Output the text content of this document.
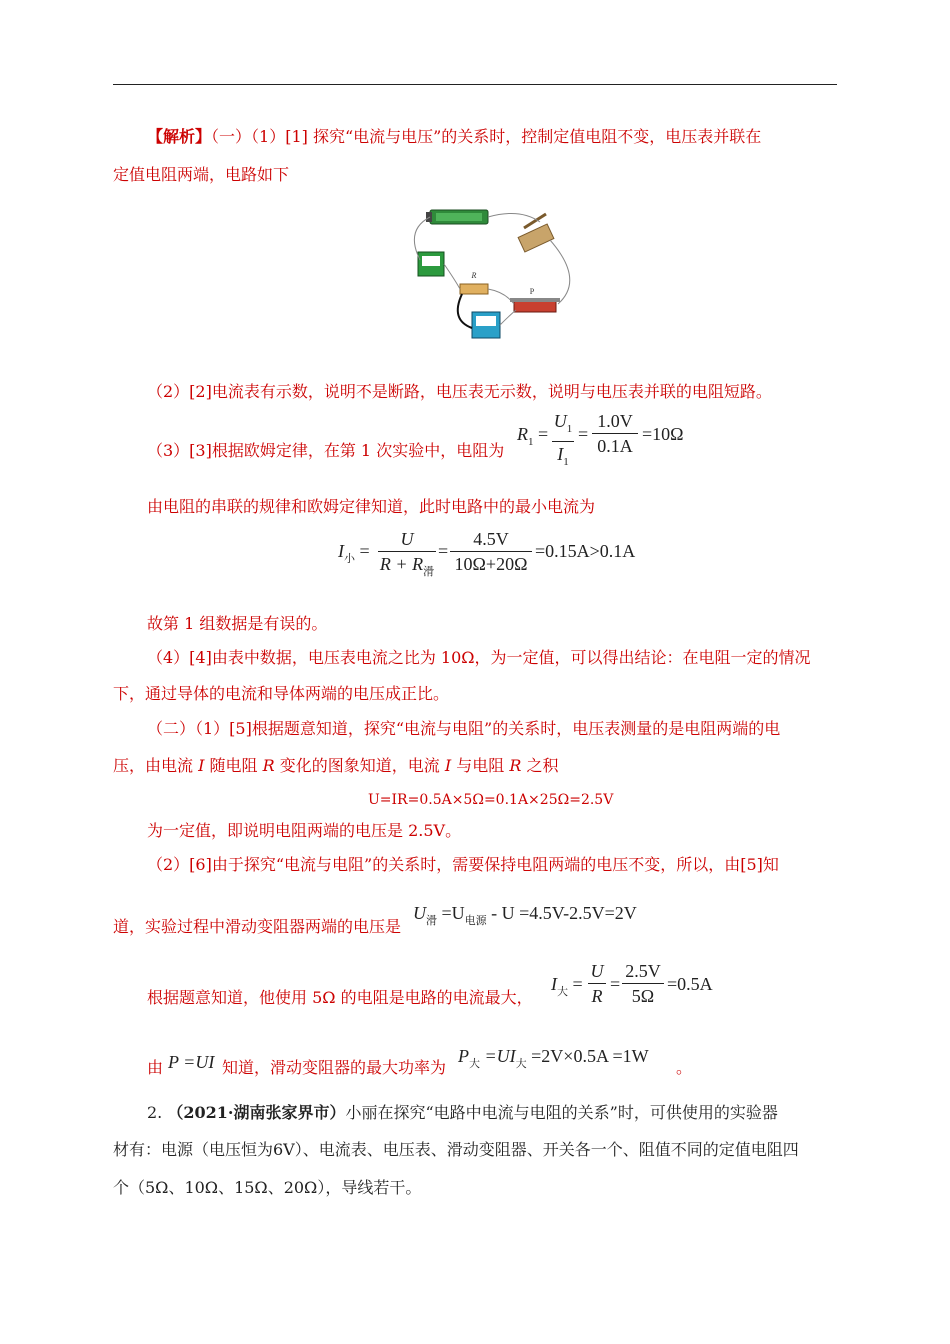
【解析】（一）（1）[1] 探究“电流与电压”的关系时，控制定值电阻不变，电压表并联在
定值电阻两端，电路如下
R
P
（2）[2]电流表有示数，说明不是断路，电压表无示数，说明与电压表并联的电阻短路。
（3）[3]根据欧姆定律，在第 1 次实验中，电阻为
$R_1$ =
$U_1$
$I_1$
=
1.0V
0.1A
=10Ω
由电阻的串联的规律和欧姆定律知道，此时电路中的最小电流为
$I_小$ =
U
$R + R_滑$
=
4.5V
10Ω+20Ω
=0.15A>0.1A
故第 1 组数据是有误的。
（4）[4]由表中数据，电压表电流之比为 10Ω，为一定值，可以得出结论：在电阻一定的情况
下，通过导体的电流和导体两端的电压成正比。
（二）（1）[5]根据题意知道，探究“电流与电阻”的关系时，电压表测量的是电阻两端的电
压，由电流 I 随电阻 R 变化的图象知道，电流 I 与电阻 R 之积
U=IR=0.5A×5Ω=0.1A×25Ω=2.5V
为一定值，即说明电阻两端的电压是 2.5V。
（2）[6]由于探究“电流与电阻”的关系时，需要保持电阻两端的电压不变，所以，由[5]知
道，实验过程中滑动变阻器两端的电压是
$U_滑 =U_{电源} - U =4.5V-2.5V=2V$
根据题意知道，他使用 5Ω 的电阻是电路的电流最大，
$I_大$ =
U
R
=
2.5V
5Ω
=0.5A
由 P =UI 知道，滑动变阻器的最大功率为
$P_大 =UI_大 =2V\times 0.5A =1W$
。
2. （2021·湖南张家界市）小丽在探究“电路中电流与电阻的关系”时，可供使用的实验器
材有：电源（电压恒为6V）、电流表、电压表、滑动变阻器、开关各一个、阻值不同的定值电阻四
个（5Ω、10Ω、15Ω、20Ω），导线若干。
